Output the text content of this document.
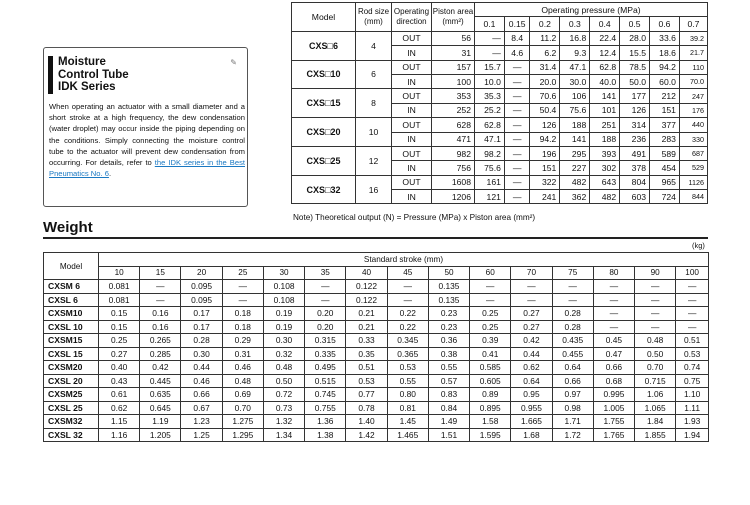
Moisture
Control Tube
IDK Series
✎

When operating an actuator with a small diameter and a short stroke at a high frequency, the dew condensation (water droplet) may occur inside the piping depending on the conditions. Simply connecting the moisture control tube to the actuator will prevent dew condensation from occurring. For details, refer to the IDK series in the Best Pneumatics No. 6.

Model	Rod size (mm)	Operating direction	Piston area (mm²)	Operating pressure (MPa)							
				0.1	0.15	0.2	0.3	0.4	0.5	0.6	0.7
CXS□6	4	OUT	56	—	8.4	11.2	16.8	22.4	28.0	33.6	39.2
		IN	31	—	4.6	6.2	9.3	12.4	15.5	18.6	21.7
CXS□10	6	OUT	157	15.7	—	31.4	47.1	62.8	78.5	94.2	110
		IN	100	10.0	—	20.0	30.0	40.0	50.0	60.0	70.0
CXS□15	8	OUT	353	35.3	—	70.6	106	141	177	212	247
		IN	252	25.2	—	50.4	75.6	101	126	151	176
CXS□20	10	OUT	628	62.8	—	126	188	251	314	377	440
		IN	471	47.1	—	94.2	141	188	236	283	330
CXS□25	12	OUT	982	98.2	—	196	295	393	491	589	687
		IN	756	75.6	—	151	227	302	378	454	529
CXS□32	16	OUT	1608	161	—	322	482	643	804	965	1126
		IN	1206	121	—	241	362	482	603	724	844
Note) Theoretical output (N) = Pressure (MPa) x Piston area (mm²)
Weight
(kg)
Model	Standard stroke (mm)														
	10	15	20	25	30	35	40	45	50	60	70	75	80	90	100
CXSM 6	0.081	—	0.095	—	0.108	—	0.122	—	0.135	—	—	—	—	—	—
CXSL 6	0.081	—	0.095	—	0.108	—	0.122	—	0.135	—	—	—	—	—	—
CXSM10	0.15	0.16	0.17	0.18	0.19	0.20	0.21	0.22	0.23	0.25	0.27	0.28	—	—	—
CXSL 10	0.15	0.16	0.17	0.18	0.19	0.20	0.21	0.22	0.23	0.25	0.27	0.28	—	—	—
CXSM15	0.25	0.265	0.28	0.29	0.30	0.315	0.33	0.345	0.36	0.39	0.42	0.435	0.45	0.48	0.51
CXSL 15	0.27	0.285	0.30	0.31	0.32	0.335	0.35	0.365	0.38	0.41	0.44	0.455	0.47	0.50	0.53
CXSM20	0.40	0.42	0.44	0.46	0.48	0.495	0.51	0.53	0.55	0.585	0.62	0.64	0.66	0.70	0.74
CXSL 20	0.43	0.445	0.46	0.48	0.50	0.515	0.53	0.55	0.57	0.605	0.64	0.66	0.68	0.715	0.75
CXSM25	0.61	0.635	0.66	0.69	0.72	0.745	0.77	0.80	0.83	0.89	0.95	0.97	0.995	1.06	1.10
CXSL 25	0.62	0.645	0.67	0.70	0.73	0.755	0.78	0.81	0.84	0.895	0.955	0.98	1.005	1.065	1.11
CXSM32	1.15	1.19	1.23	1.275	1.32	1.36	1.40	1.45	1.49	1.58	1.665	1.71	1.755	1.84	1.93
CXSL 32	1.16	1.205	1.25	1.295	1.34	1.38	1.42	1.465	1.51	1.595	1.68	1.72	1.765	1.855	1.94
